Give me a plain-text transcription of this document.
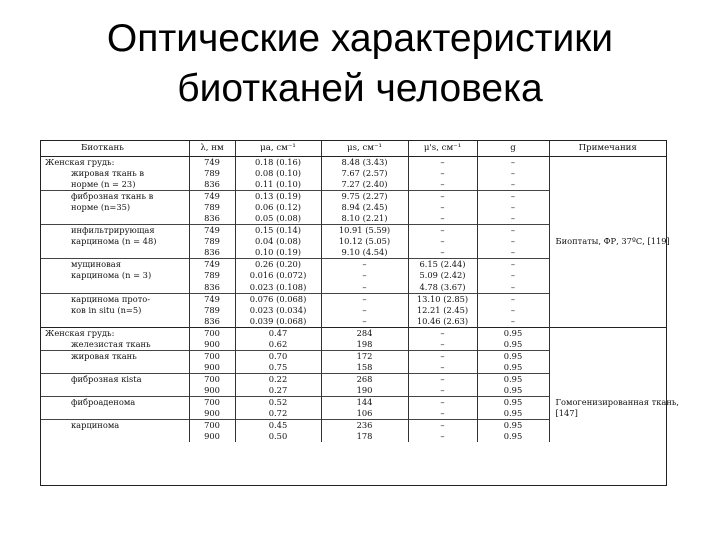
Оптические характеристики
биотканей человека
Биоткань	λ, нм	μa, см⁻¹	μs, см⁻¹	μ's, см⁻¹	g	Примечания
Женская грудь:	749	0.18 (0.16)	8.48 (3.43)	–	–	
жировая ткань в	789	0.08 (0.10)	7.67 (2.57)	–	–	
норме (n = 23)	836	0.11 (0.10)	7.27 (2.40)	–	–	
фиброзная ткань в	749	0.13 (0.19)	9.75 (2.27)	–	–	
норме (n=35)	789	0.06 (0.12)	8.94 (2.45)	–	–	
	836	0.05 (0.08)	8.10 (2.21)	–	–	
инфильтрирующая	749	0.15 (0.14)	10.91 (5.59)	–	–	
карцинома (n = 48)	789	0.04 (0.08)	10.12 (5.05)	–	–	Биоптаты, ФР, 37ºС, [119]
	836	0.10 (0.19)	9.10 (4.54)	–	–	
мущиновая	749	0.26 (0.20)	–	6.15 (2.44)	–	
карцинома (n = 3)	789	0.016 (0.072)	–	5.09 (2.42)	–	
	836	0.023 (0.108)	–	4.78 (3.67)	–	
карцинома прото-	749	0.076 (0.068)	–	13.10 (2.85)	–	
ков in situ (n=5)	789	0.023 (0.034)	–	12.21 (2.45)	–	
	836	0.039 (0.068)	–	10.46 (2.63)	–	
Женская грудь:	700	0.47	284	–	0.95	
железистая ткань	900	0.62	198	–	0.95	
жировая ткань	700	0.70	172	–	0.95	
	900	0.75	158	–	0.95	
фиброзная кista	700	0.22	268	–	0.95	
	900	0.27	190	–	0.95	
фиброаденома	700	0.52	144	–	0.95	Гомогенизированная ткань,
	900	0.72	106	–	0.95	[147]
карцинома	700	0.45	236	–	0.95	
	900	0.50	178	–	0.95	
